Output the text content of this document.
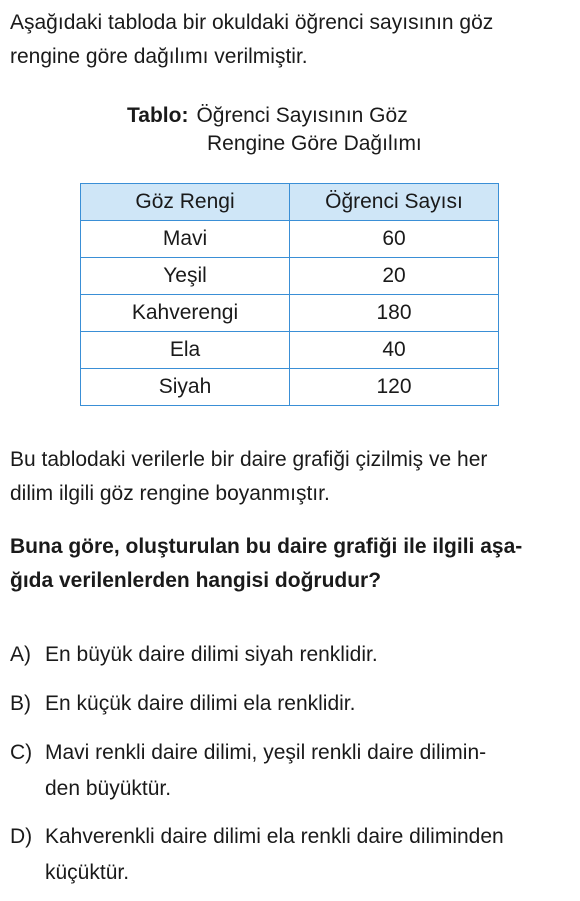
Aşağıdaki tabloda bir okuldaki öğrenci sayısının göz
rengine göre dağılımı verilmiştir.

Tablo: Öğrenci Sayısının Göz
Rengine Göre Dağılımı
Göz Rengi	Öğrenci Sayısı
Mavi	60
Yeşil	20
Kahverengi	180
Ela	40
Siyah	120

Bu tablodaki verilerle bir daire grafiği çizilmiş ve her
dilim ilgili göz rengine boyanmıştır.

Buna göre, oluşturulan bu daire grafiği ile ilgili aşa-
ğıda verilenlerden hangisi doğrudur?

A) En büyük daire dilimi siyah renklidir.
B) En küçük daire dilimi ela renklidir.
C) Mavi renkli daire dilimi, yeşil renkli daire dilimin-
den büyüktür.
D) Kahverenkli daire dilimi ela renkli daire diliminden
küçüktür.
